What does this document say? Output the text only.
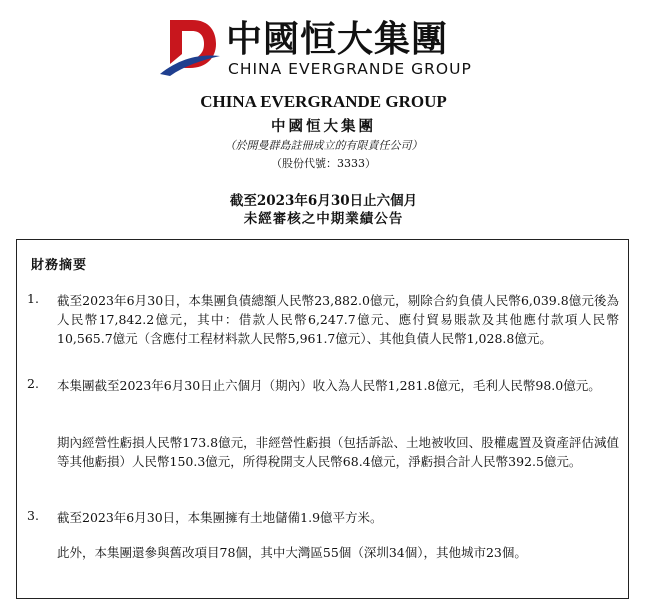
中國恒大集團
CHINA EVERGRANDE GROUP
CHINA EVERGRANDE GROUP
中國恒大集團
（於開曼群島註冊成立的有限責任公司）
（股份代號：3333）
截至2023年6月30日止六個月
未經審核之中期業績公告
財務摘要
1. 截至2023年6月30日，本集團負債總額人民幣23,882.0億元，剔除合約負債人民幣6,039.8億元後為人民幣17,842.2億元，其中：借款人民幣6,247.7億元、應付貿易賬款及其他應付款項人民幣10,565.7億元（含應付工程材料款人民幣5,961.7億元）、其他負債人民幣1,028.8億元。
2. 本集團截至2023年6月30日止六個月（期內）收入為人民幣1,281.8億元，毛利人民幣98.0億元。
期內經營性虧損人民幣173.8億元，非經營性虧損（包括訴訟、土地被收回、股權處置及資產評估減值等其他虧損）人民幣150.3億元，所得稅開支人民幣68.4億元，淨虧損合計人民幣392.5億元。
3. 截至2023年6月30日，本集團擁有土地儲備1.9億平方米。
此外，本集團還參與舊改項目78個，其中大灣區55個（深圳34個），其他城市23個。
